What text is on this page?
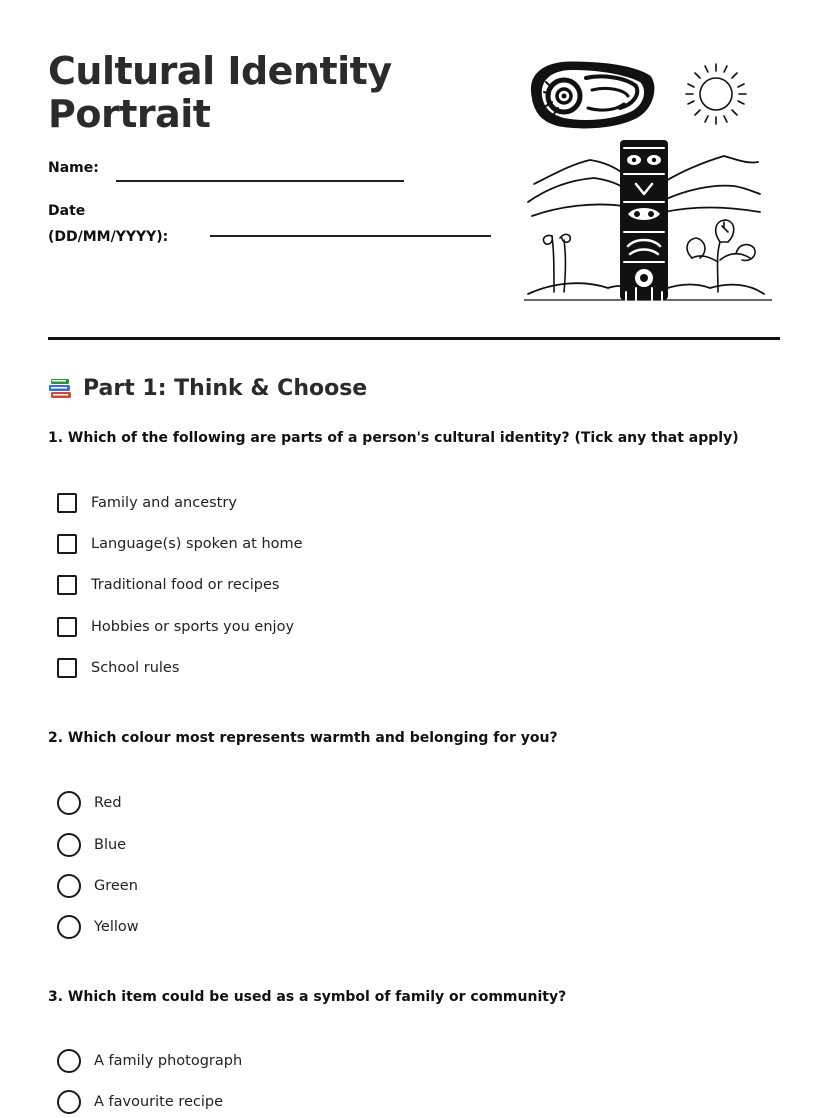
Cultural Identity
Portrait
Name:
Date
(DD/MM/YYYY):
Part 1: Think & Choose

1. Which of the following are parts of a person's cultural identity? (Tick any that apply)

Family and ancestry
Language(s) spoken at home
Traditional food or recipes
Hobbies or sports you enjoy
School rules

2. Which colour most represents warmth and belonging for you?

Red
Blue
Green
Yellow

3. Which item could be used as a symbol of family or community?

A family photograph
A favourite recipe
